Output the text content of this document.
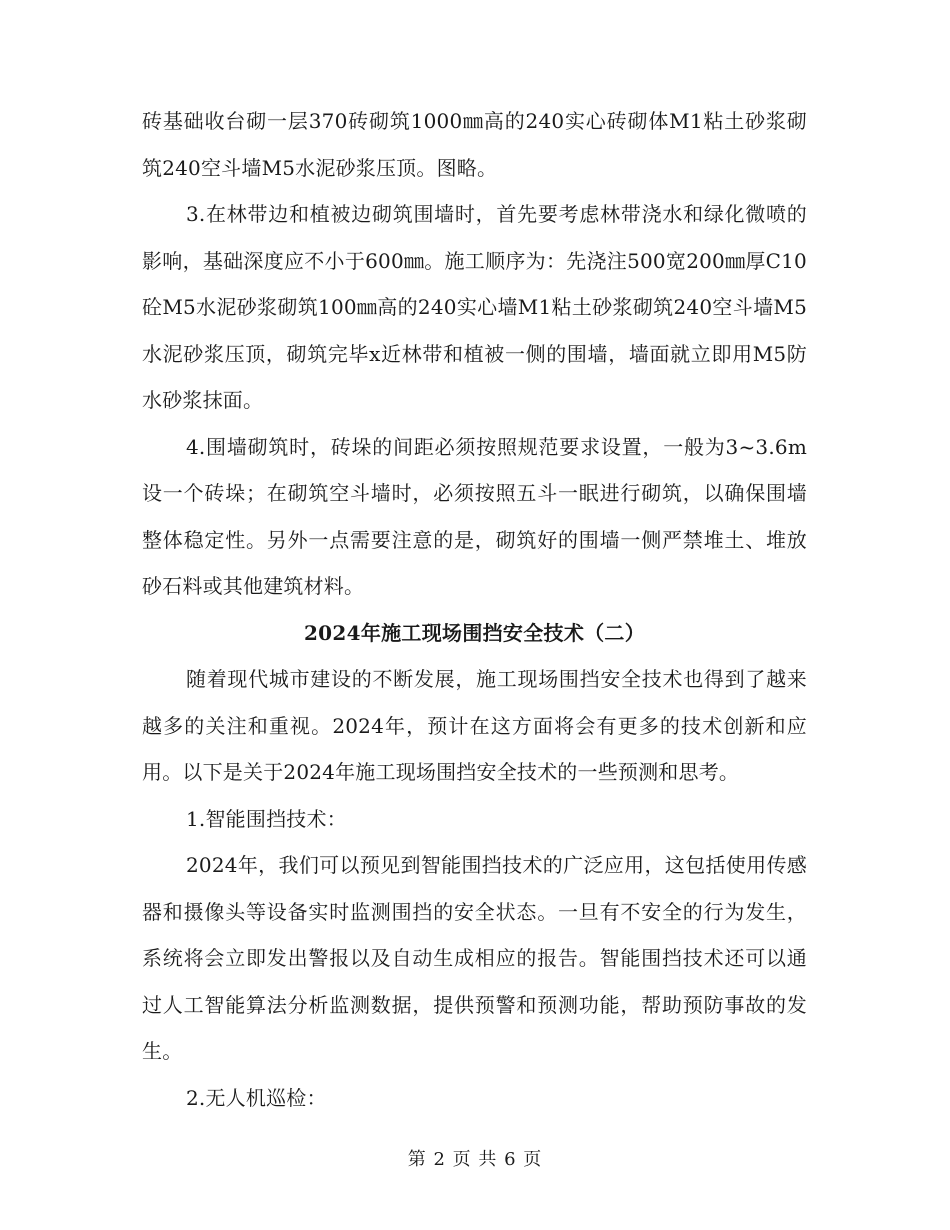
砖基础收台砌一层370砖砌筑1000㎜高的240实心砖砌体M1粘土砂浆砌筑240空斗墙M5水泥砂浆压顶。图略。

3.在林带边和植被边砌筑围墙时，首先要考虑林带浇水和绿化微喷的影响，基础深度应不小于600㎜。施工顺序为：先浇注500宽200㎜厚C10砼M5水泥砂浆砌筑100㎜高的240实心墙M1粘土砂浆砌筑240空斗墙M5水泥砂浆压顶，砌筑完毕x近林带和植被一侧的围墙，墙面就立即用M5防水砂浆抹面。

4.围墙砌筑时，砖垛的间距必须按照规范要求设置，一般为3~3.6m设一个砖垛；在砌筑空斗墙时，必须按照五斗一眠进行砌筑，以确保围墙整体稳定性。另外一点需要注意的是，砌筑好的围墙一侧严禁堆土、堆放砂石料或其他建筑材料。

2024年施工现场围挡安全技术（二）

随着现代城市建设的不断发展，施工现场围挡安全技术也得到了越来越多的关注和重视。2024年，预计在这方面将会有更多的技术创新和应用。以下是关于2024年施工现场围挡安全技术的一些预测和思考。

1.智能围挡技术：

2024年，我们可以预见到智能围挡技术的广泛应用，这包括使用传感器和摄像头等设备实时监测围挡的安全状态。一旦有不安全的行为发生，系统将会立即发出警报以及自动生成相应的报告。智能围挡技术还可以通过人工智能算法分析监测数据，提供预警和预测功能，帮助预防事故的发生。

2.无人机巡检：

第 2 页 共 6 页
